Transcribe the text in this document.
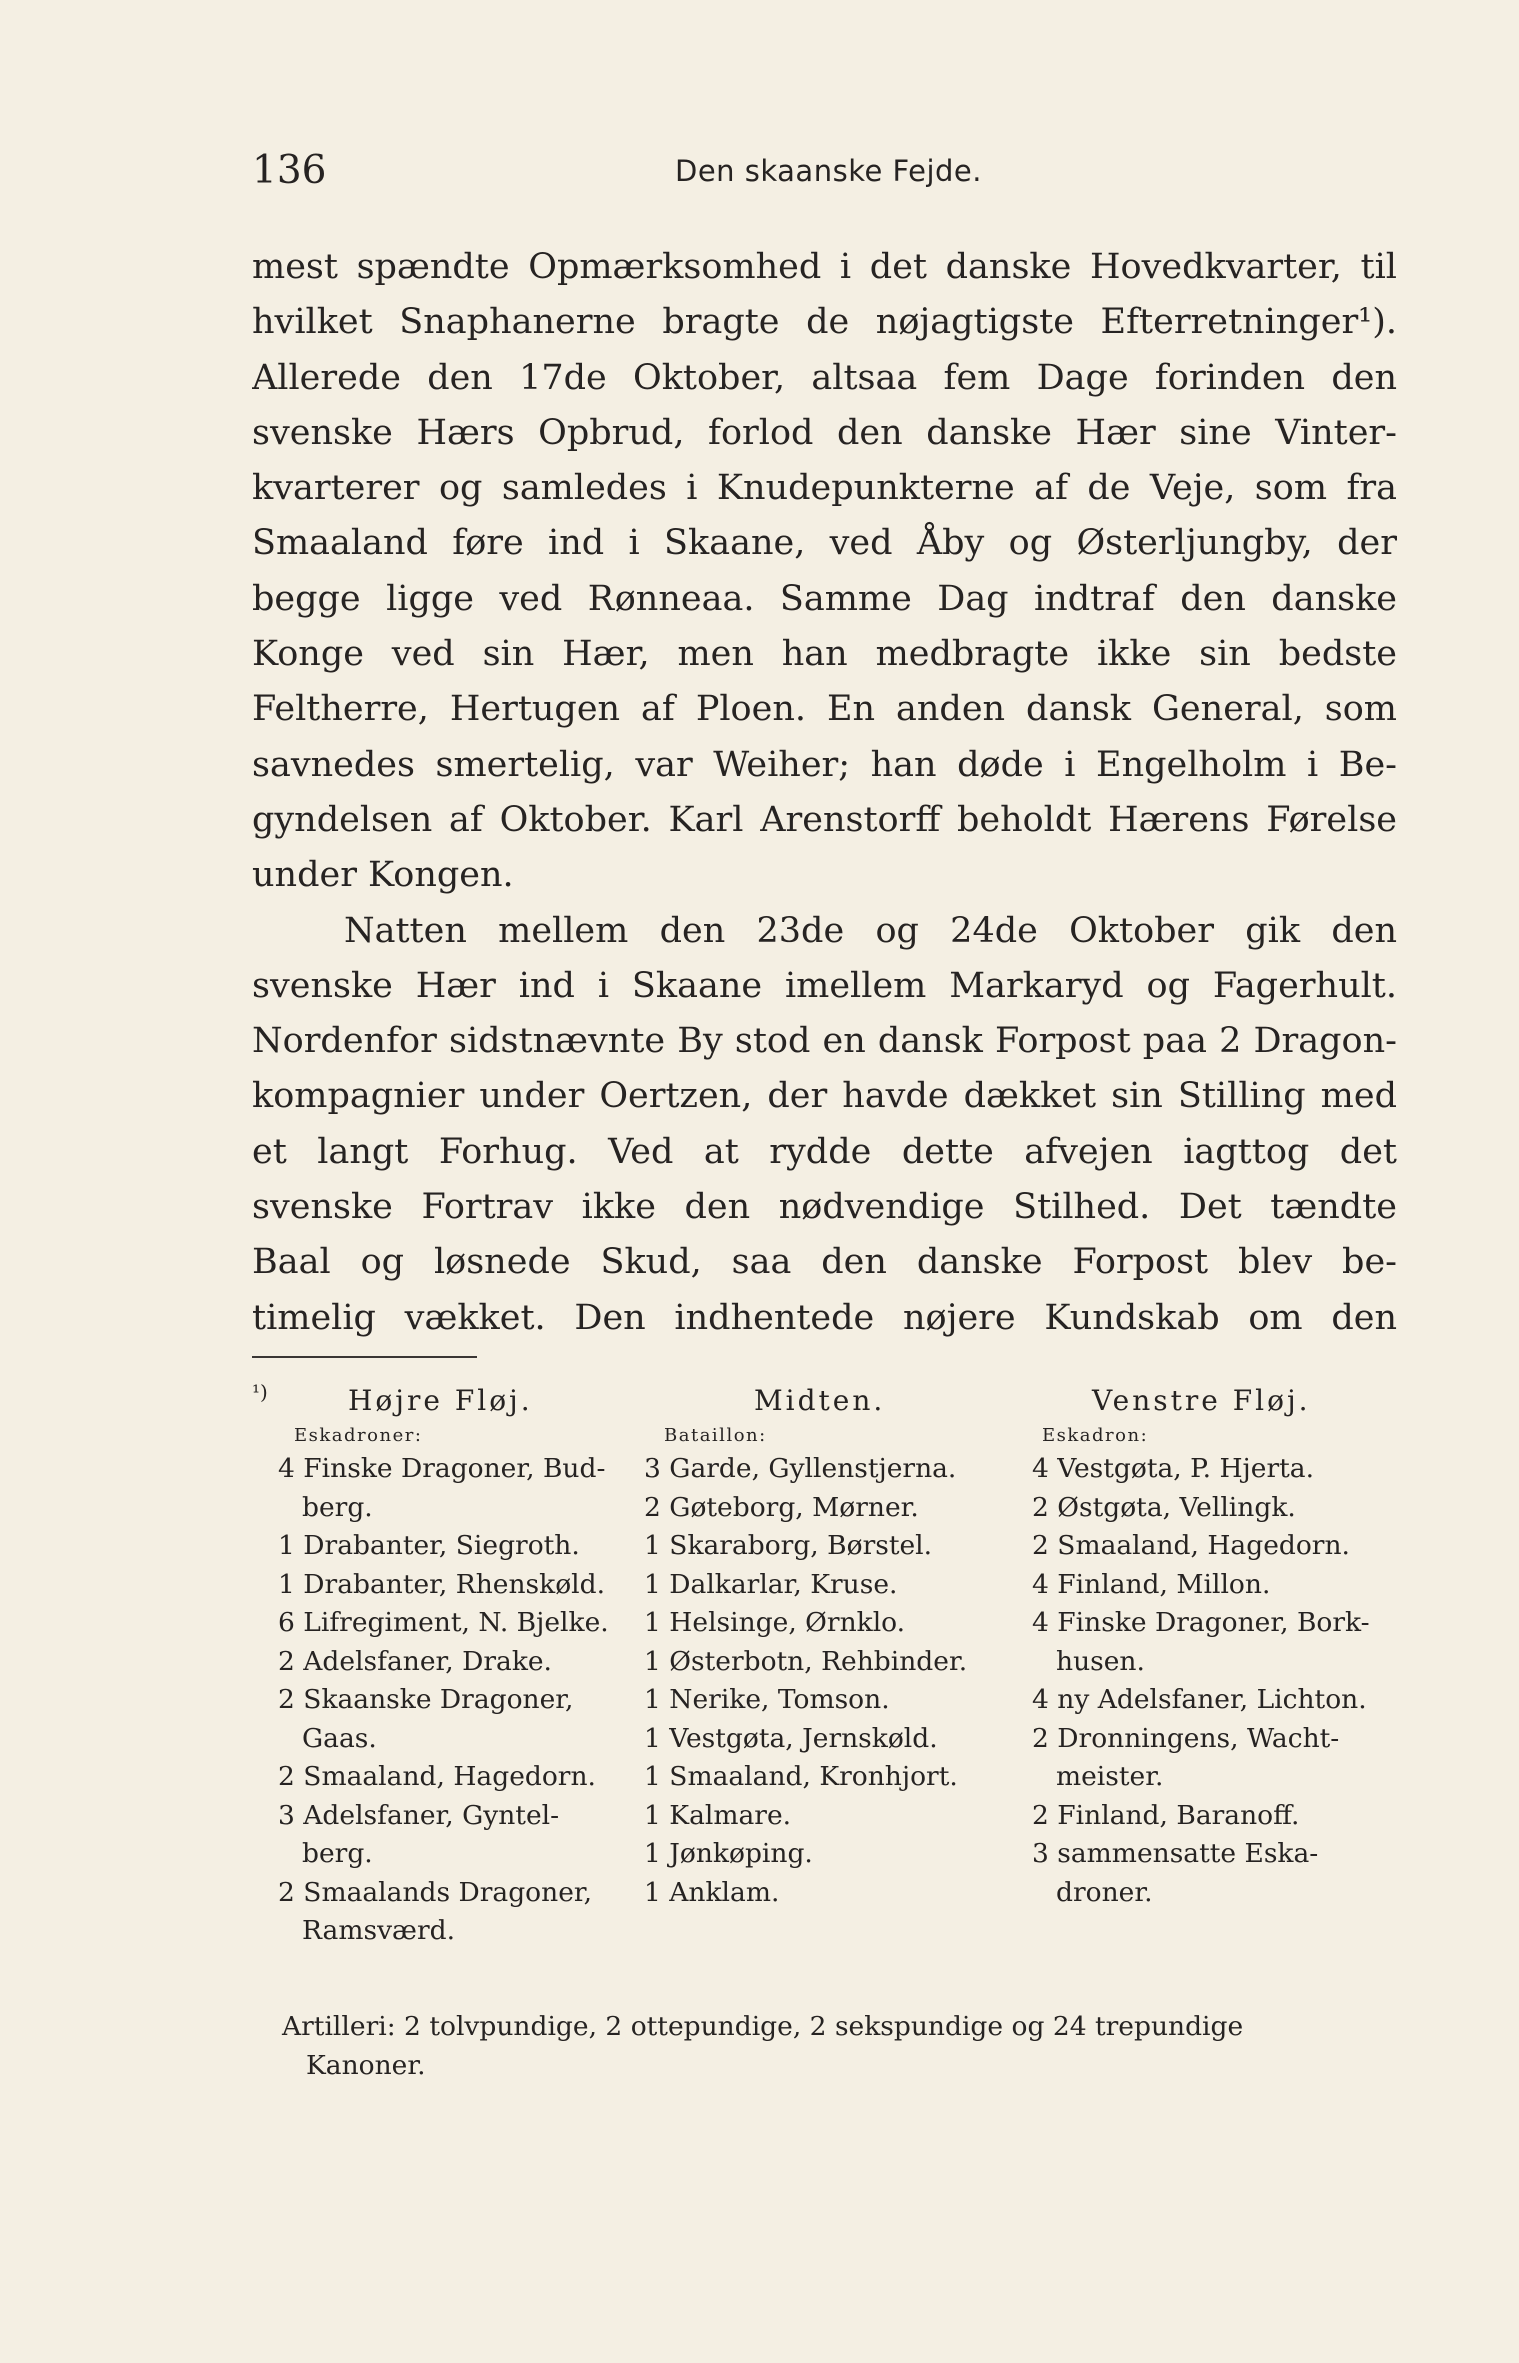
136	Den skaanske Fejde.
mest spændte Opmærksomhed i det danske Hovedkvarter, til
hvilket Snaphanerne bragte de nøjagtigste Efterretninger¹).
Allerede den 17de Oktober, altsaa fem Dage forinden den
svenske Hærs Opbrud, forlod den danske Hær sine Vinter-
kvarterer og samledes i Knudepunkterne af de Veje, som fra
Smaaland føre ind i Skaane, ved Åby og Østerljungby, der
begge ligge ved Rønneaa. Samme Dag indtraf den danske
Konge ved sin Hær, men han medbragte ikke sin bedste
Feltherre, Hertugen af Ploen. En anden dansk General, som
savnedes smertelig, var Weiher; han døde i Engelholm i Be-
gyndelsen af Oktober. Karl Arenstorff beholdt Hærens Førelse
under Kongen.
Natten mellem den 23de og 24de Oktober gik den
svenske Hær ind i Skaane imellem Markaryd og Fagerhult.
Nordenfor sidstnævnte By stod en dansk Forpost paa 2 Dragon-
kompagnier under Oertzen, der havde dækket sin Stilling med
et langt Forhug. Ved at rydde dette afvejen iagttog det
svenske Fortrav ikke den nødvendige Stilhed. Det tændte
Baal og løsnede Skud, saa den danske Forpost blev be-
timelig vækket. Den indhentede nøjere Kundskab om den
¹)	Højre Fløj.
Eskadroner:
4 Finske Dragoner, Bud-
berg.
1 Drabanter, Siegroth.
1 Drabanter, Rhenskøld.
6 Lifregiment, N. Bjelke.
2 Adelsfaner, Drake.
2 Skaanske Dragoner,
Gaas.
2 Smaaland, Hagedorn.
3 Adelsfaner, Gyntel-
berg.
2 Smaalands Dragoner,
Ramsværd.
Midten.
Bataillon:
3 Garde, Gyllenstjerna.
2 Gøteborg, Mørner.
1 Skaraborg, Børstel.
1 Dalkarlar, Kruse.
1 Helsinge, Ørnklo.
1 Østerbotn, Rehbinder.
1 Nerike, Tomson.
1 Vestgøta, Jernskøld.
1 Smaaland, Kronhjort.
1 Kalmare.
1 Jønkøping.
1 Anklam.
Venstre Fløj.
Eskadron:
4 Vestgøta, P. Hjerta.
2 Østgøta, Vellingk.
2 Smaaland, Hagedorn.
4 Finland, Millon.
4 Finske Dragoner, Bork-
husen.
4 ny Adelsfaner, Lichton.
2 Dronningens, Wacht-
meister.
2 Finland, Baranoff.
3 sammensatte Eska-
droner.
Artilleri: 2 tolvpundige, 2 ottepundige, 2 sekspundige og 24 trepundige
Kanoner.
